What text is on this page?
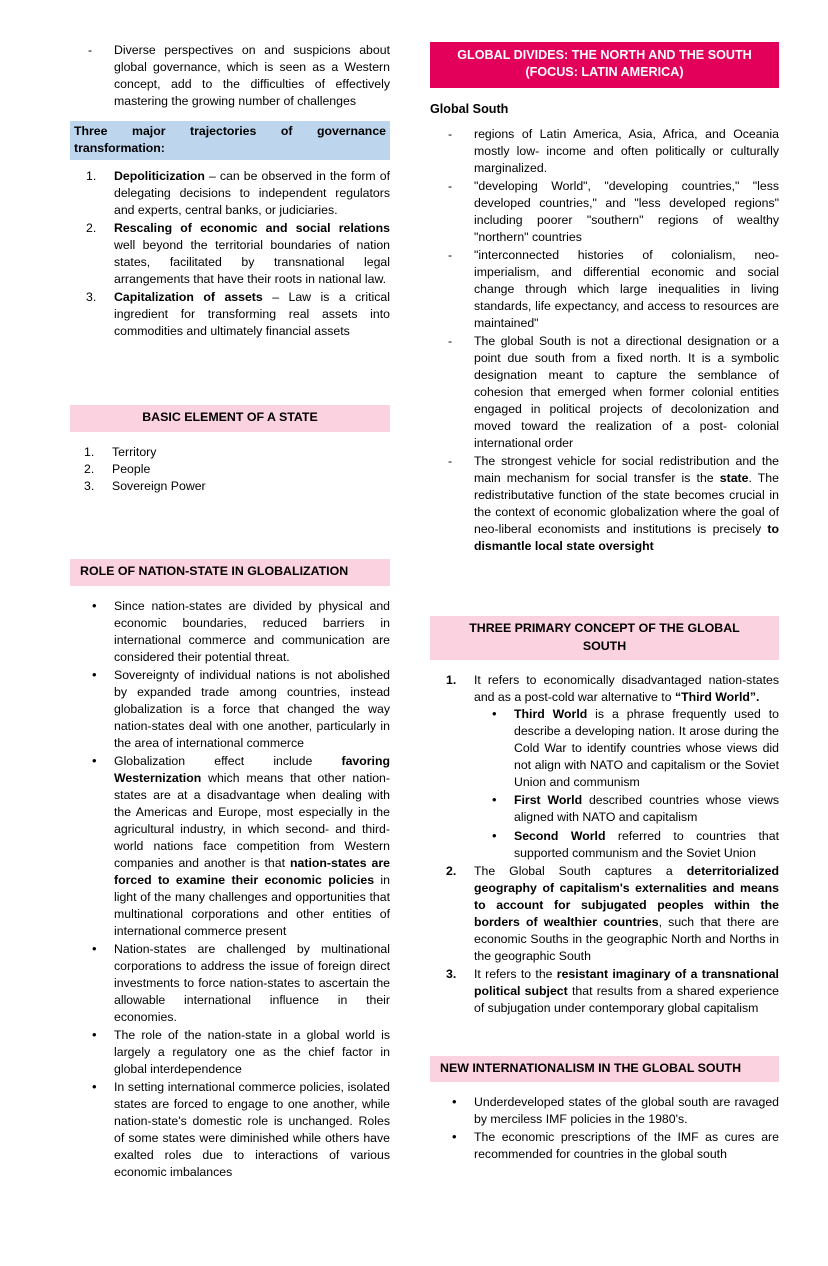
- Diverse perspectives on and suspicions about global governance, which is seen as a Western concept, add to the difficulties of effectively mastering the growing number of challenges
Three major trajectories of governance transformation:
1. Depoliticization – can be observed in the form of delegating decisions to independent regulators and experts, central banks, or judiciaries.
2. Rescaling of economic and social relations well beyond the territorial boundaries of nation states, facilitated by transnational legal arrangements that have their roots in national law.
3. Capitalization of assets – Law is a critical ingredient for transforming real assets into commodities and ultimately financial assets
BASIC ELEMENT OF A STATE
1. Territory
2. People
3. Sovereign Power
ROLE OF NATION-STATE IN GLOBALIZATION
• Since nation-states are divided by physical and economic boundaries, reduced barriers in international commerce and communication are considered their potential threat.
• Sovereignty of individual nations is not abolished by expanded trade among countries, instead globalization is a force that changed the way nation-states deal with one another, particularly in the area of international commerce
• Globalization effect include favoring Westernization which means that other nation-states are at a disadvantage when dealing with the Americas and Europe, most especially in the agricultural industry, in which second- and third-world nations face competition from Western companies and another is that nation-states are forced to examine their economic policies in light of the many challenges and opportunities that multinational corporations and other entities of international commerce present
• Nation-states are challenged by multinational corporations to address the issue of foreign direct investments to force nation-states to ascertain the allowable international influence in their economies.
• The role of the nation-state in a global world is largely a regulatory one as the chief factor in global interdependence
• In setting international commerce policies, isolated states are forced to engage to one another, while nation-state's domestic role is unchanged. Roles of some states were diminished while others have exalted roles due to interactions of various economic imbalances
GLOBAL DIVIDES: THE NORTH AND THE SOUTH
(FOCUS: LATIN AMERICA)
Global South
- regions of Latin America, Asia, Africa, and Oceania mostly low- income and often politically or culturally marginalized.
- "developing World", "developing countries," "less developed countries," and "less developed regions" including poorer "southern" regions of wealthy "northern" countries
- "interconnected histories of colonialism, neo-imperialism, and differential economic and social change through which large inequalities in living standards, life expectancy, and access to resources are maintained"
- The global South is not a directional designation or a point due south from a fixed north. It is a symbolic designation meant to capture the semblance of cohesion that emerged when former colonial entities engaged in political projects of decolonization and moved toward the realization of a post- colonial international order
- The strongest vehicle for social redistribution and the main mechanism for social transfer is the state. The redistributative function of the state becomes crucial in the context of economic globalization where the goal of neo-liberal economists and institutions is precisely to dismantle local state oversight
THREE PRIMARY CONCEPT OF THE GLOBAL
SOUTH
1. It refers to economically disadvantaged nation-states and as a post-cold war alternative to “Third World”.
• Third World is a phrase frequently used to describe a developing nation. It arose during the Cold War to identify countries whose views did not align with NATO and capitalism or the Soviet Union and communism
• First World described countries whose views aligned with NATO and capitalism
• Second World referred to countries that supported communism and the Soviet Union
2. The Global South captures a deterritorialized geography of capitalism's externalities and means to account for subjugated peoples within the borders of wealthier countries, such that there are economic Souths in the geographic North and Norths in the geographic South
3. It refers to the resistant imaginary of a transnational political subject that results from a shared experience of subjugation under contemporary global capitalism
NEW INTERNATIONALISM IN THE GLOBAL SOUTH
• Underdeveloped states of the global south are ravaged by merciless IMF policies in the 1980's.
• The economic prescriptions of the IMF as cures are recommended for countries in the global south
